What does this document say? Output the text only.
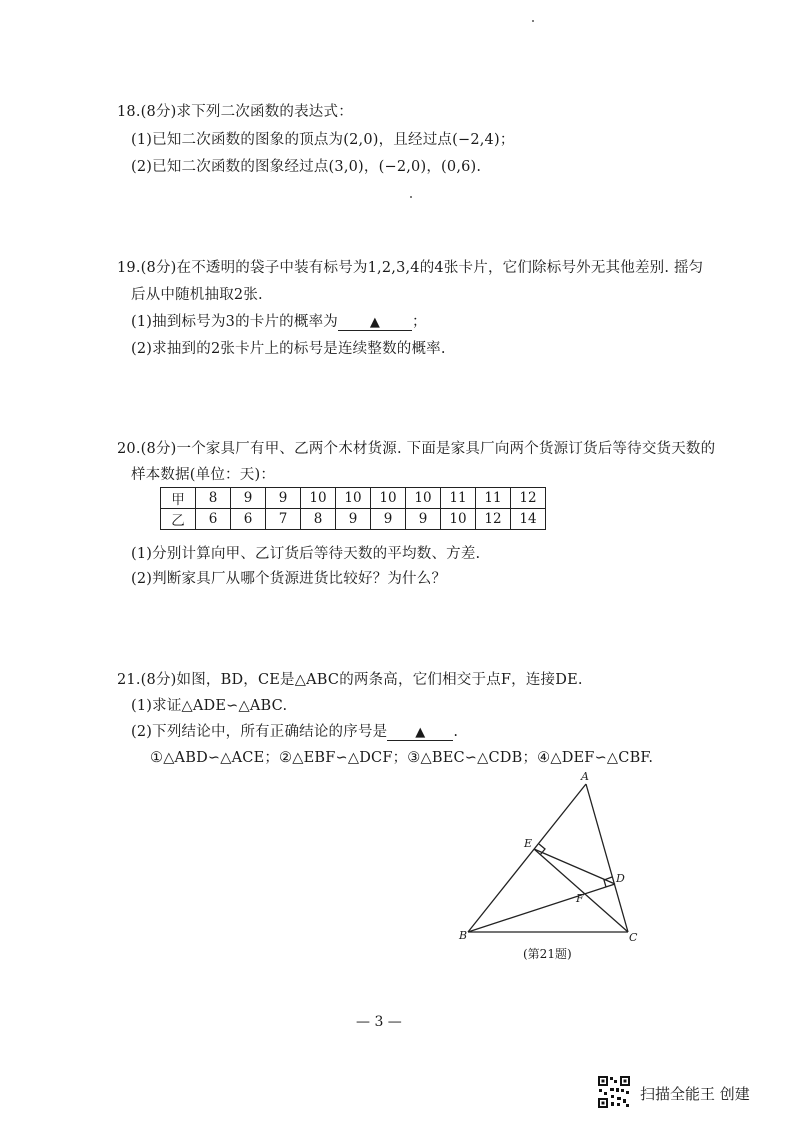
18.(8分)求下列二次函数的表达式：
(1)已知二次函数的图象的顶点为(2,0)，且经过点(−2,4)；
(2)已知二次函数的图象经过点(3,0)，(−2,0)，(0,6).
19.(8分)在不透明的袋子中装有标号为1,2,3,4的4张卡片，它们除标号外无其他差别. 摇匀
后从中随机抽取2张.
(1)抽到标号为3的卡片的概率为 ▲ ；
(2)求抽到的2张卡片上的标号是连续整数的概率.
20.(8分)一个家具厂有甲、乙两个木材货源. 下面是家具厂向两个货源订货后等待交货天数的
样本数据(单位：天)：
甲	8	9	9	10	10	10	10	11	11	12
乙	6	6	7	8	9	9	9	10	12	14
(1)分别计算向甲、乙订货后等待天数的平均数、方差.
(2)判断家具厂从哪个货源进货比较好？为什么？
21.(8分)如图，BD，CE是△ABC的两条高，它们相交于点F，连接DE.
(1)求证△ADE∽△ABC.
(2)下列结论中，所有正确结论的序号是 ▲ .
①△ABD∽△ACE；②△EBF∽△DCF；③△BEC∽△CDB；④△DEF∽△CBF.
A
B	C
D
E
F
(第21题)
— 3 —
扫描全能王 创建
